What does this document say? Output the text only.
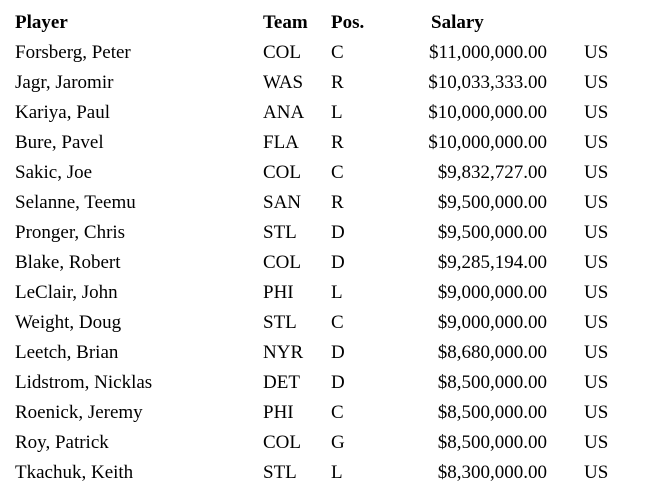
Player	Team Pos.	Salary
Forsberg, Peter	COL C	$11,000,000.00 US
Jagr, Jaromir	WAS R	$10,033,333.00 US
Kariya, Paul	ANA L	$10,000,000.00 US
Bure, Pavel	FLA R	$10,000,000.00 US
Sakic, Joe	COL C	$9,832,727.00 US
Selanne, Teemu	SAN R	$9,500,000.00 US
Pronger, Chris	STL D	$9,500,000.00 US
Blake, Robert	COL D	$9,285,194.00 US
LeClair, John	PHI L	$9,000,000.00 US
Weight, Doug	STL C	$9,000,000.00 US
Leetch, Brian	NYR D	$8,680,000.00 US
Lidstrom, Nicklas	DET D	$8,500,000.00 US
Roenick, Jeremy	PHI C	$8,500,000.00 US
Roy, Patrick	COL G	$8,500,000.00 US
Tkachuk, Keith	STL L	$8,300,000.00 US
